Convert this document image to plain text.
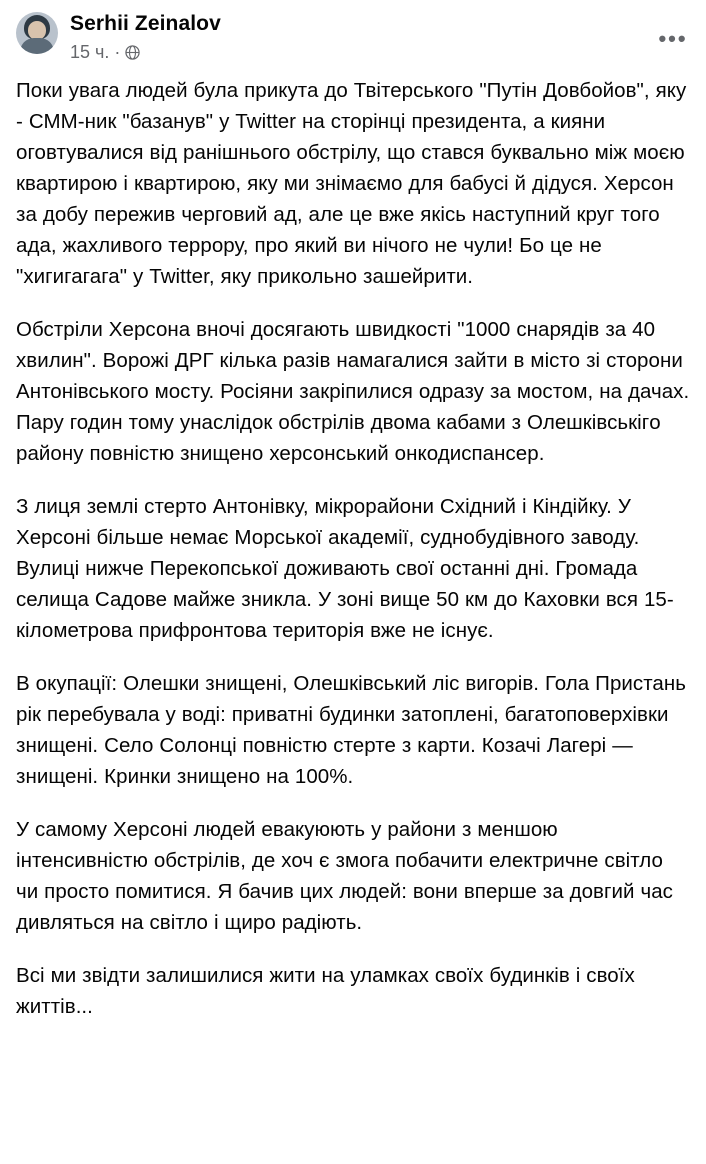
Serhii Zeinalov
15 ч. ·
•••

Поки увага людей була прикута до Твітерського "Путін Довбойов", яку - СММ-ник "базанув" у Twitter на сторінці президента, а кияни оговтувалися від ранішнього обстрілу, що стався буквально між моєю квартирою і квартирою, яку ми знімаємо для бабусі й дідуся. Херсон за добу пережив черговий ад, але це вже якісь наступний круг того ада, жахливого террору, про який ви нічого не чули! Бо це не "хигигагага" у Twitter, яку прикольно зашейрити.

Обстріли Херсона вночі досягають швидкості "1000 снарядів за 40 хвилин". Ворожі ДРГ кілька разів намагалися зайти в місто зі сторони Антонівського мосту. Росіяни закріпилися одразу за мостом, на дачах. Пару годин тому унаслідок обстрілів двома кабами з Олешківськігo району повністю знищено херсонський онкодиспансер.

З лиця землі стерто Антонівку, мікрорайони Східний і Кіндійку. У Херсоні більше немає Морської академії, суднобудівного заводу. Вулиці нижче Перекопської доживають свої останні дні. Громада селища Садове майже зникла. У зоні вище 50 км до Каховки вся 15-кілометрова прифронтова територія вже не існує.

В окупації: Олешки знищені, Олешківський ліс вигорів. Гола Пристань рік перебувала у воді: приватні будинки затоплені, багатоповерхівки знищені. Село Солонці повністю стерте з карти. Козачі Лагері — знищені. Кринки знищено на 100%.

У самому Херсоні людей евакуюють у райони з меншою інтенсивністю обстрілів, де хоч є змога побачити електричне світло чи просто помитися. Я бачив цих людей: вони вперше за довгий час дивляться на світло і щиро радіють.

Всі ми звідти залишилися жити на уламках своїх будинків і своїх життів...
